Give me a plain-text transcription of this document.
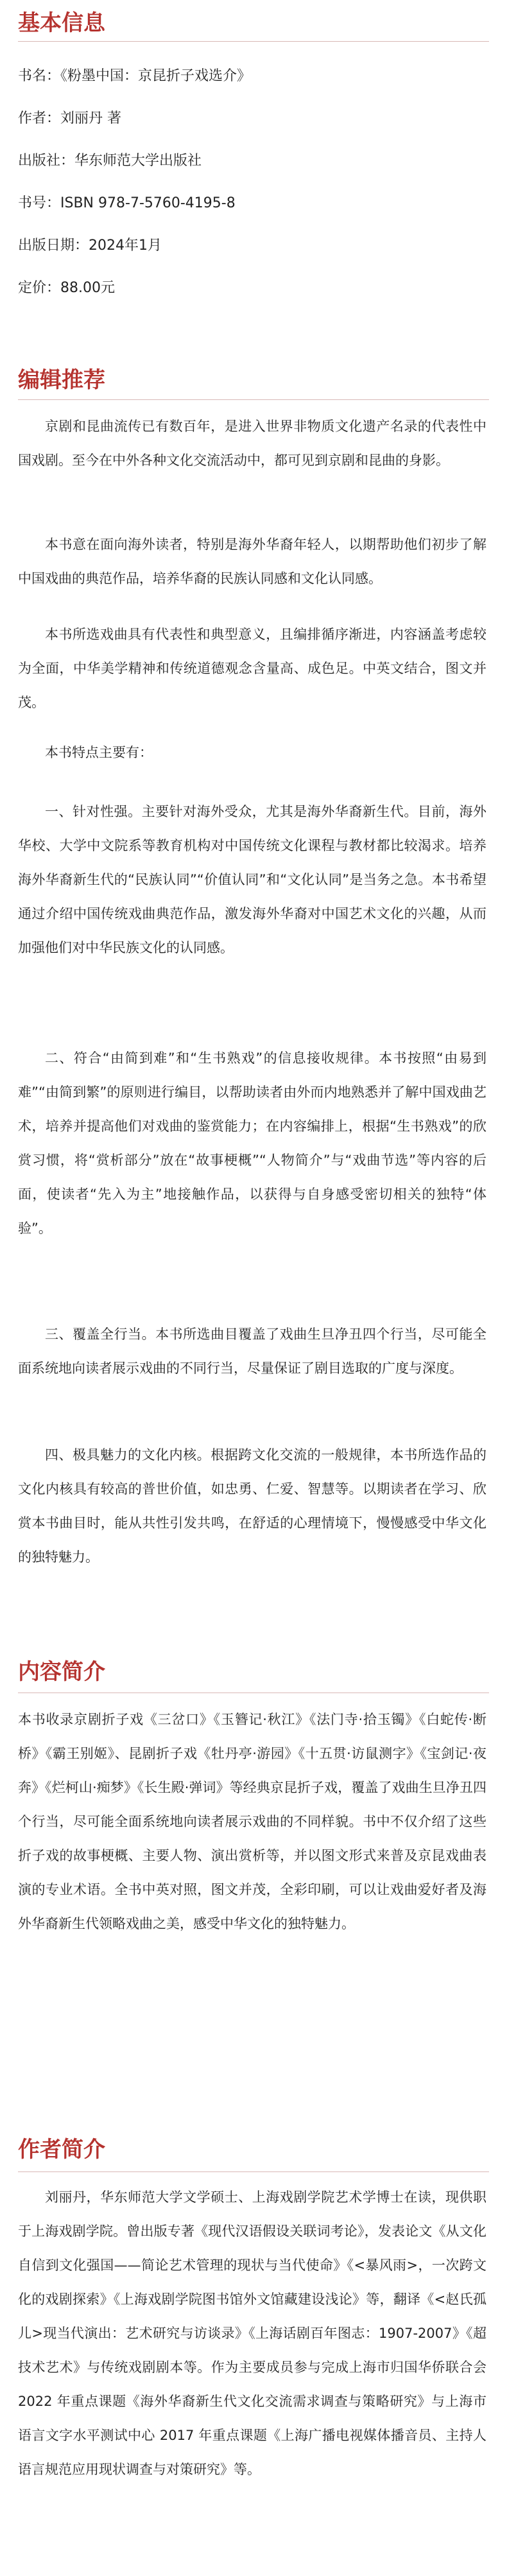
基本信息
书名：《粉墨中国：京昆折子戏选介》
作者：刘丽丹 著
出版社：华东师范大学出版社
书号：ISBN 978-7-5760-4195-8
出版日期：2024年1月
定价：88.00元
编辑推荐

京剧和昆曲流传已有数百年，是进入世界非物质文化遗产名录的代表性中国戏剧。至今在中外各种文化交流活动中，都可见到京剧和昆曲的身影。

本书意在面向海外读者，特别是海外华裔年轻人，以期帮助他们初步了解中国戏曲的典范作品，培养华裔的民族认同感和文化认同感。

本书所选戏曲具有代表性和典型意义，且编排循序渐进，内容涵盖考虑较为全面，中华美学精神和传统道德观念含量高、成色足。中英文结合，图文并茂。

本书特点主要有：

一、针对性强。主要针对海外受众，尤其是海外华裔新生代。目前，海外华校、大学中文院系等教育机构对中国传统文化课程与教材都比较渴求。培养海外华裔新生代的“民族认同”“价值认同”和“文化认同”是当务之急。本书希望通过介绍中国传统戏曲典范作品，激发海外华裔对中国艺术文化的兴趣，从而加强他们对中华民族文化的认同感。

二、符合“由简到难”和“生书熟戏”的信息接收规律。本书按照“由易到难”“由简到繁”的原则进行编目，以帮助读者由外而内地熟悉并了解中国戏曲艺术，培养并提高他们对戏曲的鉴赏能力；在内容编排上，根据“生书熟戏”的欣赏习惯，将“赏析部分”放在“故事梗概”“人物简介”与“戏曲节选”等内容的后面，使读者“先入为主”地接触作品，以获得与自身感受密切相关的独特“体验”。

三、覆盖全行当。本书所选曲目覆盖了戏曲生旦净丑四个行当，尽可能全面系统地向读者展示戏曲的不同行当，尽量保证了剧目选取的广度与深度。

四、极具魅力的文化内核。根据跨文化交流的一般规律，本书所选作品的文化内核具有较高的普世价值，如忠勇、仁爱、智慧等。以期读者在学习、欣赏本书曲目时，能从共性引发共鸣，在舒适的心理情境下，慢慢感受中华文化的独特魅力。

内容简介

本书收录京剧折子戏《三岔口》《玉簪记·秋江》《法门寺·拾玉镯》《白蛇传·断桥》《霸王别姬》、昆剧折子戏《牡丹亭·游园》《十五贯·访鼠测字》《宝剑记·夜奔》《烂柯山·痴梦》《长生殿·弹词》等经典京昆折子戏，覆盖了戏曲生旦净丑四个行当，尽可能全面系统地向读者展示戏曲的不同样貌。书中不仅介绍了这些折子戏的故事梗概、主要人物、演出赏析等，并以图文形式来普及京昆戏曲表演的专业术语。全书中英对照，图文并茂，全彩印刷，可以让戏曲爱好者及海外华裔新生代领略戏曲之美，感受中华文化的独特魅力。

作者简介

刘丽丹，华东师范大学文学硕士、上海戏剧学院艺术学博士在读，现供职于上海戏剧学院。曾出版专著《现代汉语假设关联词考论》，发表论文《从文化自信到文化强国——简论艺术管理的现状与当代使命》《<暴风雨>，一次跨文化的戏剧探索》《上海戏剧学院图书馆外文馆藏建设浅论》等，翻译《<赵氏孤儿>现当代演出：艺术研究与访谈录》《上海话剧百年图志：1907-2007》《超技术艺术》与传统戏剧剧本等。作为主要成员参与完成上海市归国华侨联合会 2022 年重点课题《海外华裔新生代文化交流需求调查与策略研究》与上海市语言文字水平测试中心 2017 年重点课题《上海广播电视媒体播音员、主持人语言规范应用现状调查与对策研究》等。
